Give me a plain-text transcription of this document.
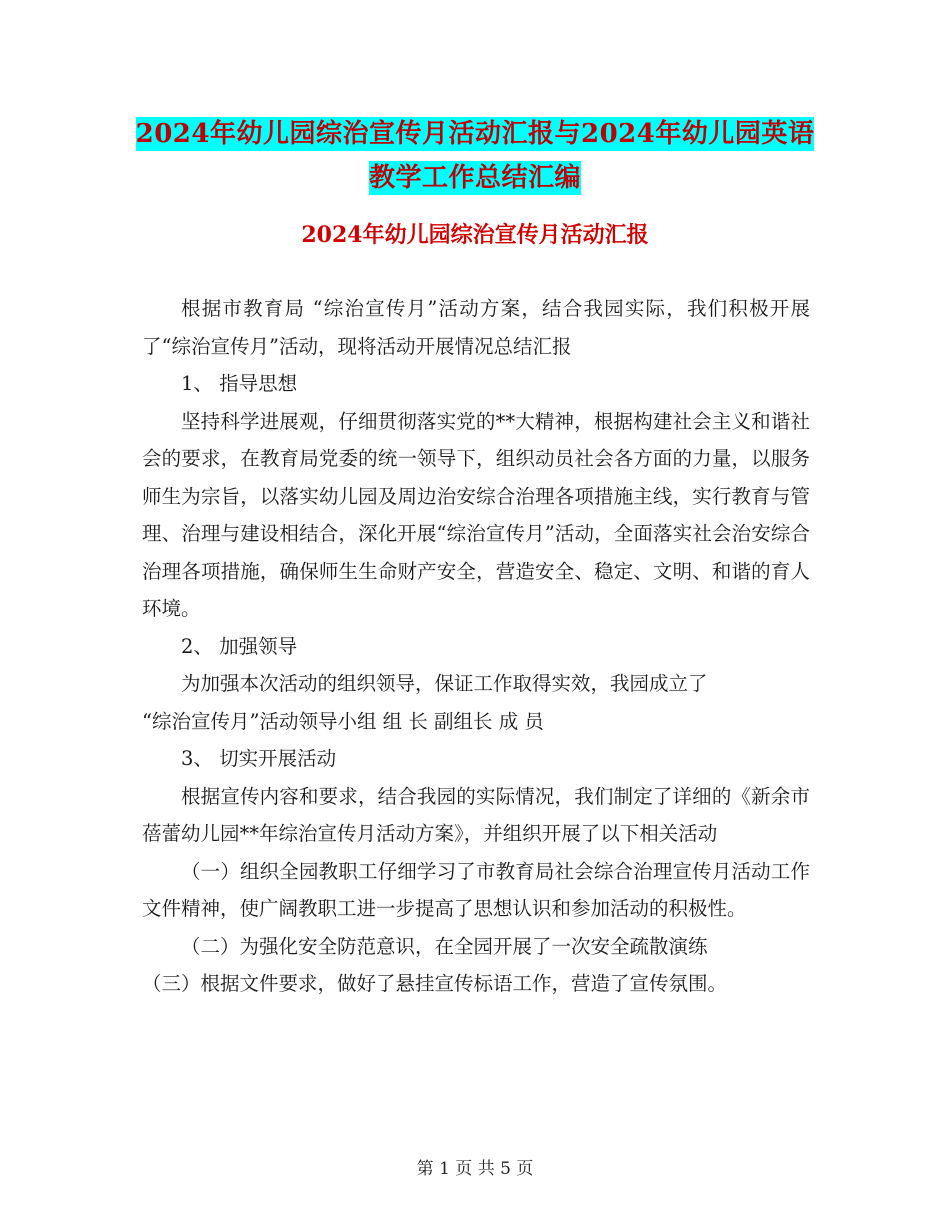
2024年幼儿园综治宣传月活动汇报与2024年幼儿园英语教学工作总结汇编
2024年幼儿园综治宣传月活动汇报

根据市教育局 “综治宣传月”活动方案，结合我园实际，我们积极开展了“综治宣传月”活动，现将活动开展情况总结汇报

1、 指导思想

坚持科学进展观，仔细贯彻落实党的**大精神，根据构建社会主义和谐社会的要求，在教育局党委的统一领导下，组织动员社会各方面的力量，以服务师生为宗旨，以落实幼儿园及周边治安综合治理各项措施主线，实行教育与管理、治理与建设相结合，深化开展“综治宣传月”活动，全面落实社会治安综合治理各项措施，确保师生生命财产安全，营造安全、稳定、文明、和谐的育人环境。

2、 加强领导

为加强本次活动的组织领导，保证工作取得实效，我园成立了

“综治宣传月”活动领导小组 组 长 副组长 成 员

3、 切实开展活动

根据宣传内容和要求，结合我园的实际情况，我们制定了详细的《新余市蓓蕾幼儿园**年综治宣传月活动方案》，并组织开展了以下相关活动

（一）组织全园教职工仔细学习了市教育局社会综合治理宣传月活动工作文件精神，使广阔教职工进一步提高了思想认识和参加活动的积极性。

（二）为强化安全防范意识，在全园开展了一次安全疏散演练

（三）根据文件要求，做好了悬挂宣传标语工作，营造了宣传氛围。

第 1 页 共 5 页
